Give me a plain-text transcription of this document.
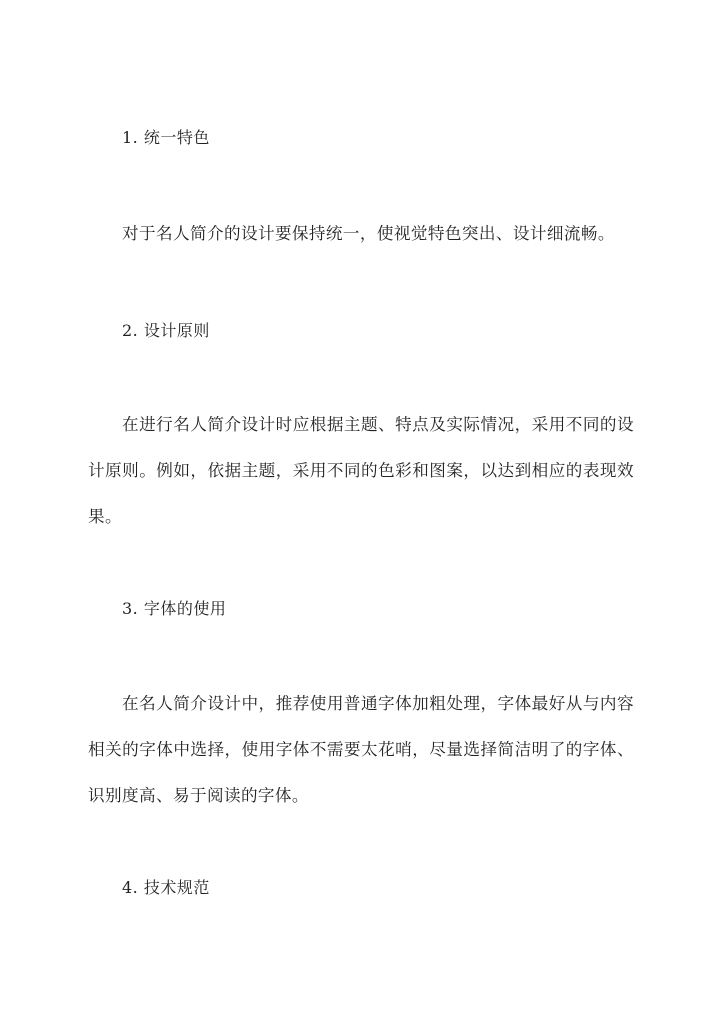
1. 统一特色

对于名人简介的设计要保持统一，使视觉特色突出、设计细流畅。

2. 设计原则

在进行名人简介设计时应根据主题、特点及实际情况，采用不同的设计原则。例如，依据主题，采用不同的色彩和图案，以达到相应的表现效果。

3. 字体的使用

在名人简介设计中，推荐使用普通字体加粗处理，字体最好从与内容相关的字体中选择，使用字体不需要太花哨，尽量选择简洁明了的字体、识别度高、易于阅读的字体。

4. 技术规范
